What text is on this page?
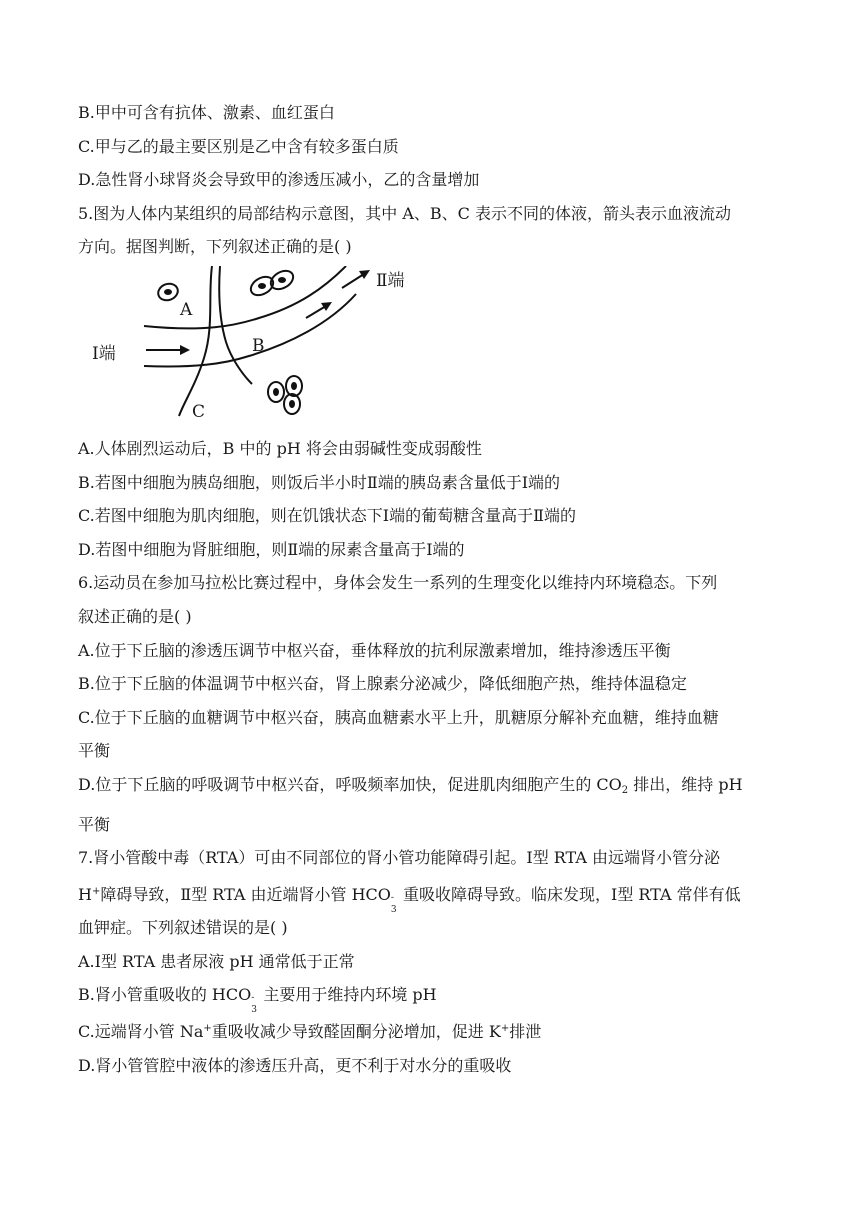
B.甲中可含有抗体、激素、血红蛋白
C.甲与乙的最主要区别是乙中含有较多蛋白质
D.急性肾小球肾炎会导致甲的渗透压减小，乙的含量增加
5.图为人体内某组织的局部结构示意图，其中 A、B、C 表示不同的体液，箭头表示血液流动
方向。据图判断，下列叙述正确的是( )
A
B
C
Ⅰ端
Ⅱ端
A.人体剧烈运动后，B 中的 pH 将会由弱碱性变成弱酸性
B.若图中细胞为胰岛细胞，则饭后半小时Ⅱ端的胰岛素含量低于Ⅰ端的
C.若图中细胞为肌肉细胞，则在饥饿状态下Ⅰ端的葡萄糖含量高于Ⅱ端的
D.若图中细胞为肾脏细胞，则Ⅱ端的尿素含量高于Ⅰ端的
6.运动员在参加马拉松比赛过程中，身体会发生一系列的生理变化以维持内环境稳态。下列
叙述正确的是( )
A.位于下丘脑的渗透压调节中枢兴奋，垂体释放的抗利尿激素增加，维持渗透压平衡
B.位于下丘脑的体温调节中枢兴奋，肾上腺素分泌减少，降低细胞产热，维持体温稳定
C.位于下丘脑的血糖调节中枢兴奋，胰高血糖素水平上升，肌糖原分解补充血糖，维持血糖
平衡
D.位于下丘脑的呼吸调节中枢兴奋，呼吸频率加快，促进肌肉细胞产生的 $CO_2$ 排出，维持 pH
平衡
7.肾小管酸中毒（RTA）可由不同部位的肾小管功能障碍引起。Ⅰ型 RTA 由远端肾小管分泌
H+障碍导致，Ⅱ型 RTA 由近端肾小管 HCO -
3
重吸收障碍导致。临床发现，Ⅰ型 RTA 常伴有低
血钾症。下列叙述错误的是( )
A.Ⅰ型 RTA 患者尿液 pH 通常低于正常
B.肾小管重吸收的 HCO -
3
主要用于维持内环境 pH
C.远端肾小管 Na+重吸收减少导致醛固酮分泌增加，促进 K+排泄
D.肾小管管腔中液体的渗透压升高，更不利于对水分的重吸收
